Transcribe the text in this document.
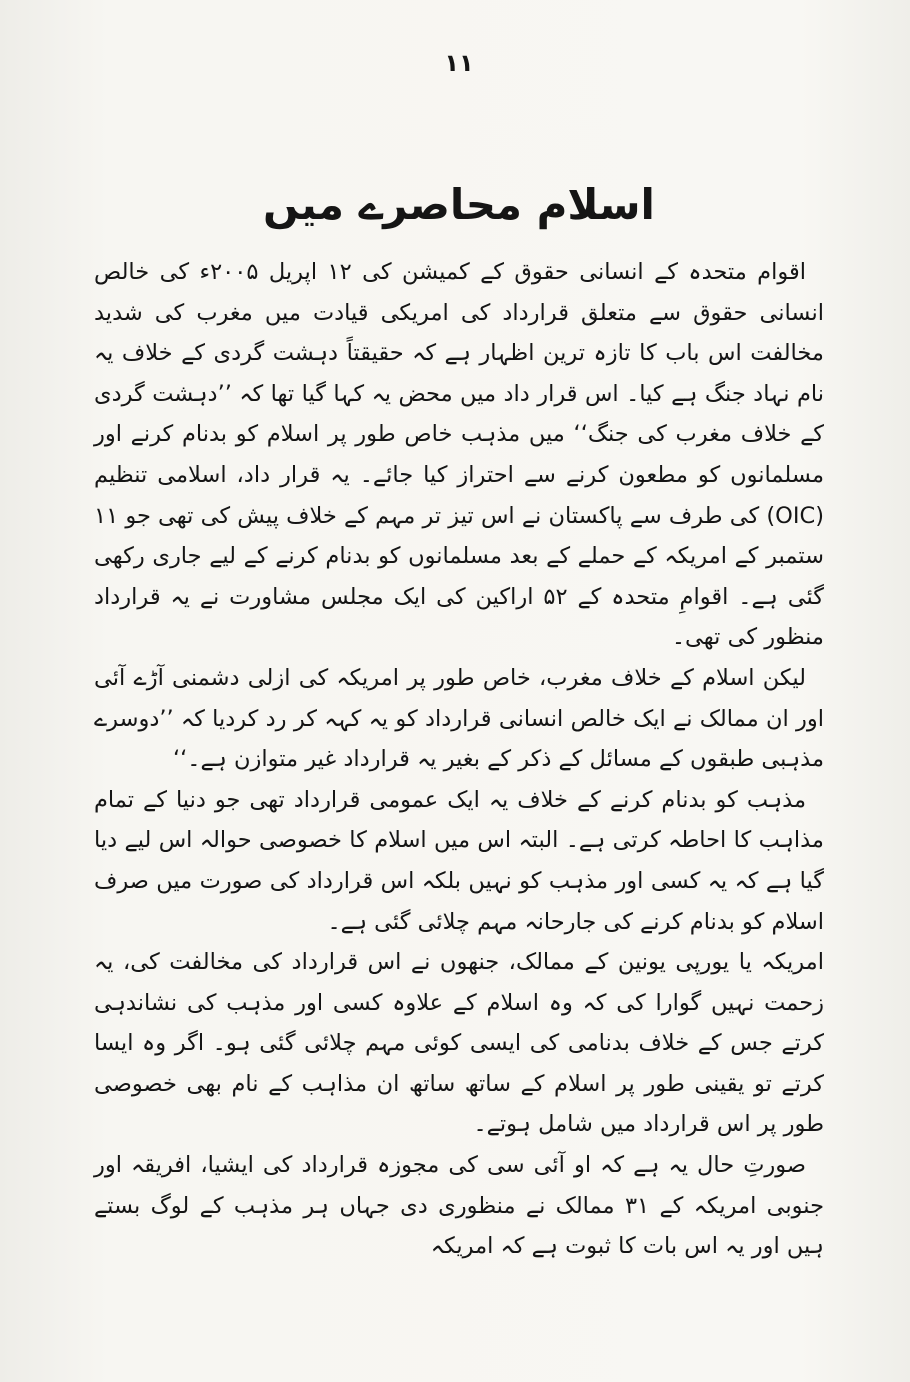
۱۱
اسلام محاصرے میں

اقوام متحدہ کے انسانی حقوق کے کمیشن کی ۱۲ اپریل ۲۰۰۵ء کی خالص انسانی حقوق سے متعلق قرارداد کی امریکی قیادت میں مغرب کی شدید مخالفت اس باب کا تازہ ترین اظہار ہے کہ حقیقتاً دہشت گردی کے خلاف یہ نام نہاد جنگ ہے کیا۔ اس قرار داد میں محض یہ کہا گیا تھا کہ ’’دہشت گردی کے خلاف مغرب کی جنگ‘‘ میں مذہب خاص طور پر اسلام کو بدنام کرنے اور مسلمانوں کو مطعون کرنے سے احتراز کیا جائے۔ یہ قرار داد، اسلامی تنظیم (OIC) کی طرف سے پاکستان نے اس تیز تر مہم کے خلاف پیش کی تھی جو ۱۱ ستمبر کے امریکہ کے حملے کے بعد مسلمانوں کو بدنام کرنے کے لیے جاری رکھی گئی ہے۔ اقوامِ متحدہ کے ۵۲ اراکین کی ایک مجلس مشاورت نے یہ قرارداد منظور کی تھی۔

لیکن اسلام کے خلاف مغرب، خاص طور پر امریکہ کی ازلی دشمنی آڑے آئی اور ان ممالک نے ایک خالص انسانی قرارداد کو یہ کہہ کر رد کردیا کہ ’’دوسرے مذہبی طبقوں کے مسائل کے ذکر کے بغیر یہ قرارداد غیر متوازن ہے۔‘‘

مذہب کو بدنام کرنے کے خلاف یہ ایک عمومی قرارداد تھی جو دنیا کے تمام مذاہب کا احاطہ کرتی ہے۔ البتہ اس میں اسلام کا خصوصی حوالہ اس لیے دیا گیا ہے کہ یہ کسی اور مذہب کو نہیں بلکہ اس قرارداد کی صورت میں صرف اسلام کو بدنام کرنے کی جارحانہ مہم چلائی گئی ہے۔

امریکہ یا یورپی یونین کے ممالک، جنھوں نے اس قرارداد کی مخالفت کی، یہ زحمت نہیں گوارا کی کہ وہ اسلام کے علاوہ کسی اور مذہب کی نشاندہی کرتے جس کے خلاف بدنامی کی ایسی کوئی مہم چلائی گئی ہو۔ اگر وہ ایسا کرتے تو یقینی طور پر اسلام کے ساتھ ساتھ ان مذاہب کے نام بھی خصوصی طور پر اس قرارداد میں شامل ہوتے۔

صورتِ حال یہ ہے کہ او آئی سی کی مجوزہ قرارداد کی ایشیا، افریقہ اور جنوبی امریکہ کے ۳۱ ممالک نے منظوری دی جہاں ہر مذہب کے لوگ بستے ہیں اور یہ اس بات کا ثبوت ہے کہ امریکہ
